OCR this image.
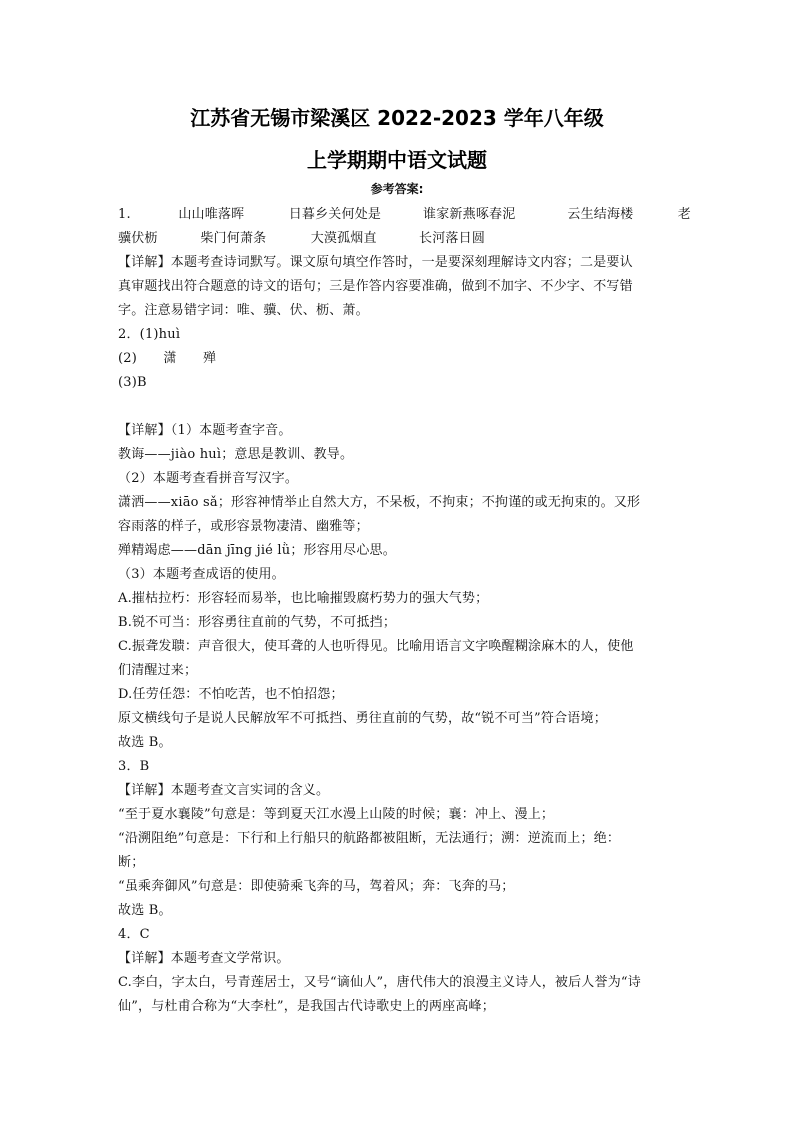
江苏省无锡市梁溪区 2022-2023 学年八年级
上学期期中语文试题
参考答案:
1.	山山唯落晖	日暮乡关何处是	谁家新燕啄春泥	云生结海楼	老
骥伏枥	柴门何萧条	大漠孤烟直	长河落日圆
【详解】本题考查诗词默写。课文原句填空作答时，一是要深刻理解诗文内容；二是要认
真审题找出符合题意的诗文的语句；三是作答内容要准确，做到不加字、不少字、不写错
字。注意易错字词：唯、骥、伏、枥、萧。
2．(1)huì
(2)　　潇　　殚
(3)B
【详解】（1）本题考查字音。
教诲——jiào huì；意思是教训、教导。
（2）本题考查看拼音写汉字。
潇洒——xiāo sǎ；形容神情举止自然大方，不呆板，不拘束；不拘谨的或无拘束的。又形
容雨落的样子，或形容景物凄清、幽雅等；
殚精竭虑——dān jīng jié lǜ；形容用尽心思。
（3）本题考查成语的使用。
A.摧枯拉朽：形容轻而易举，也比喻摧毁腐朽势力的强大气势；
B.锐不可当：形容勇往直前的气势，不可抵挡；
C.振聋发聩：声音很大，使耳聋的人也听得见。比喻用语言文字唤醒糊涂麻木的人，使他
们清醒过来；
D.任劳任怨：不怕吃苦，也不怕招怨；
原文横线句子是说人民解放军不可抵挡、勇往直前的气势，故“锐不可当”符合语境；
故选 B。
3．B
【详解】本题考查文言实词的含义。
“至于夏水襄陵”句意是：等到夏天江水漫上山陵的时候；襄：冲上、漫上；
“沿溯阻绝”句意是：下行和上行船只的航路都被阻断，无法通行；溯：逆流而上；绝：
断；
“虽乘奔御风”句意是：即使骑乘飞奔的马，驾着风；奔：飞奔的马；
故选 B。
4．C
【详解】本题考查文学常识。
C.李白，字太白，号青莲居士，又号“谪仙人”，唐代伟大的浪漫主义诗人，被后人誉为“诗
仙”，与杜甫合称为“大李杜”，是我国古代诗歌史上的两座高峰；
